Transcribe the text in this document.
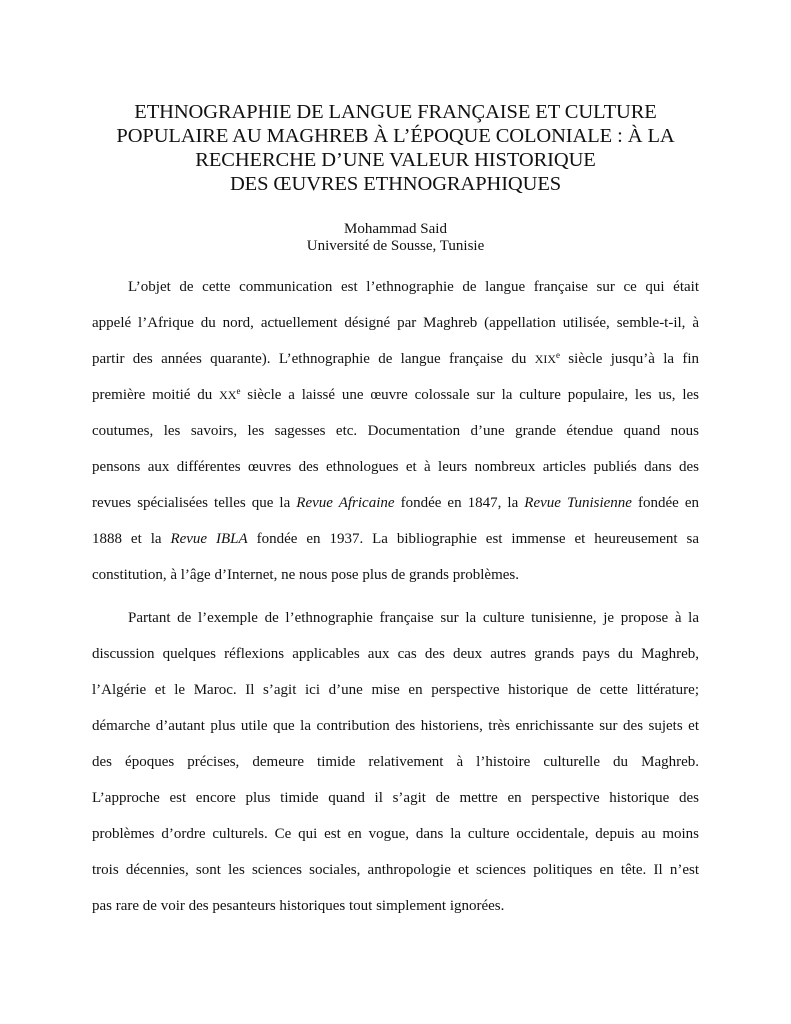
ETHNOGRAPHIE DE LANGUE FRANÇAISE ET CULTURE
POPULAIRE AU MAGHREB À L’ÉPOQUE COLONIALE : À LA
RECHERCHE D’UNE VALEUR HISTORIQUE
DES ŒUVRES ETHNOGRAPHIQUES
Mohammad Said
Université de Sousse, Tunisie
L’objet de cette communication est l’ethnographie de langue française sur ce qui était
appelé l’Afrique du nord, actuellement désigné par Maghreb (appellation utilisée, semble-t-il, à
partir des années quarante). L’ethnographie de langue française du XIXe siècle jusqu’à la fin
première moitié du XXe siècle a laissé une œuvre colossale sur la culture populaire, les us, les
coutumes, les savoirs, les sagesses etc. Documentation d’une grande étendue quand nous
pensons aux différentes œuvres des ethnologues et à leurs nombreux articles publiés dans des
revues spécialisées telles que la Revue Africaine fondée en 1847, la Revue Tunisienne fondée en
1888 et la Revue IBLA fondée en 1937. La bibliographie est immense et heureusement sa
constitution, à l’âge d’Internet, ne nous pose plus de grands problèmes.
Partant de l’exemple de l’ethnographie française sur la culture tunisienne, je propose à la
discussion quelques réflexions applicables aux cas des deux autres grands pays du Maghreb,
l’Algérie et le Maroc. Il s’agit ici d’une mise en perspective historique de cette littérature;
démarche d’autant plus utile que la contribution des historiens, très enrichissante sur des sujets et
des époques précises, demeure timide relativement à l’histoire culturelle du Maghreb.
L’approche est encore plus timide quand il s’agit de mettre en perspective historique des
problèmes d’ordre culturels. Ce qui est en vogue, dans la culture occidentale, depuis au moins
trois décennies, sont les sciences sociales, anthropologie et sciences politiques en tête. Il n’est
pas rare de voir des pesanteurs historiques tout simplement ignorées.
